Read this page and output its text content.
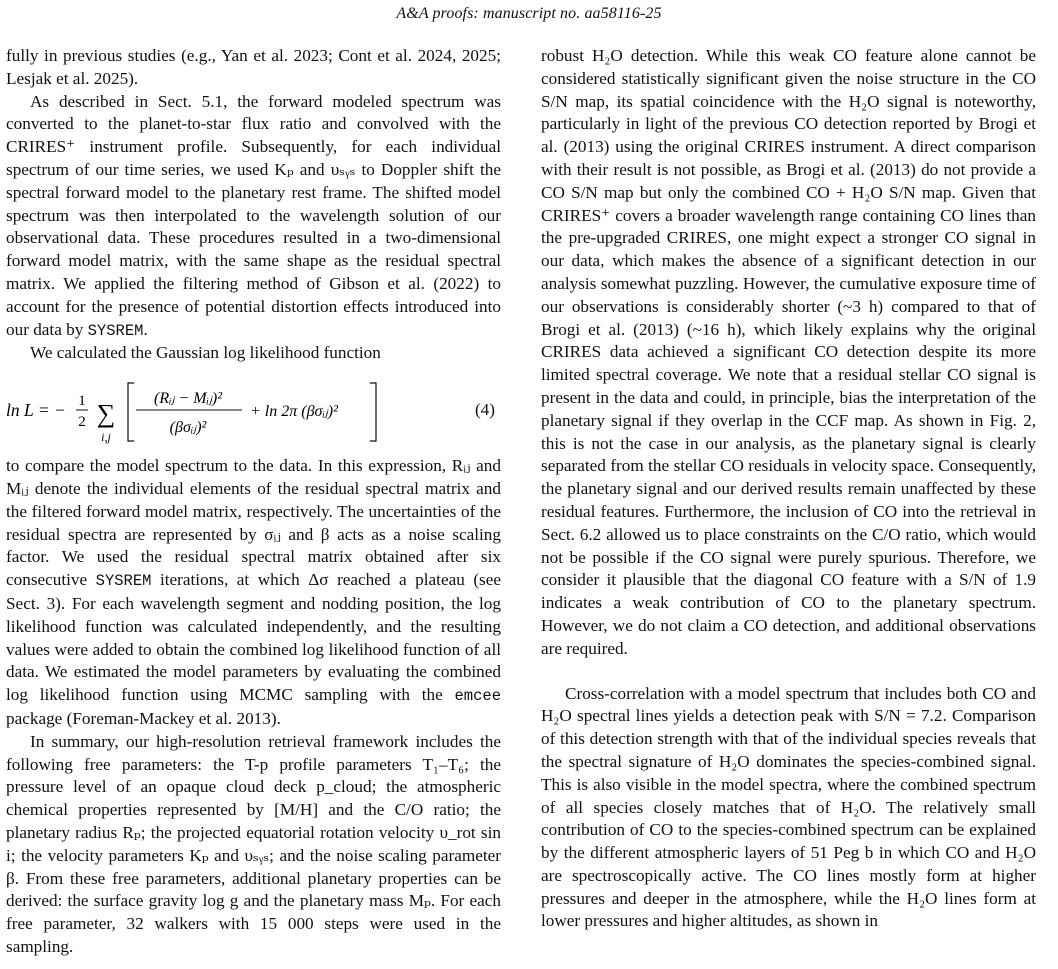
A&A proofs: manuscript no. aa58116-25

fully in previous studies (e.g., Yan et al. 2023; Cont et al. 2024, 2025; Lesjak et al. 2025).

As described in Sect. 5.1, the forward modeled spectrum was converted to the planet-to-star flux ratio and convolved with the CRIRES⁺ instrument profile. Subsequently, for each individual spectrum of our time series, we used Kₚ and υₛᵧₛ to Doppler shift the spectral forward model to the planetary rest frame. The shifted model spectrum was then interpolated to the wavelength solution of our observational data. These procedures resulted in a two-dimensional forward model matrix, with the same shape as the residual spectral matrix. We applied the filtering method of Gibson et al. (2022) to account for the presence of potential distortion effects introduced into our data by SYSREM.

We calculated the Gaussian log likelihood function

ln L = − 1
2 ∑
i,j
(Rᵢⱼ − Mᵢⱼ)²
(βσᵢⱼ)²
+ ln 2π (βσᵢⱼ)²	(4)

to compare the model spectrum to the data. In this expression, Rᵢⱼ and Mᵢⱼ denote the individual elements of the residual spectral matrix and the filtered forward model matrix, respectively. The uncertainties of the residual spectra are represented by σᵢⱼ and β acts as a noise scaling factor. We used the residual spectral matrix obtained after six consecutive SYSREM iterations, at which Δσ reached a plateau (see Sect. 3). For each wavelength segment and nodding position, the log likelihood function was calculated independently, and the resulting values were added to obtain the combined log likelihood function of all data. We estimated the model parameters by evaluating the combined log likelihood function using MCMC sampling with the emcee package (Foreman-Mackey et al. 2013).

In summary, our high-resolution retrieval framework includes the following free parameters: the T-p profile parameters T₁–T₆; the pressure level of an opaque cloud deck p_cloud; the atmospheric chemical properties represented by [M/H] and the C/O ratio; the planetary radius Rₚ; the projected equatorial rotation velocity υ_rot sin i; the velocity parameters Kₚ and υₛᵧₛ; and the noise scaling parameter β. From these free parameters, additional planetary properties can be derived: the surface gravity log g and the planetary mass Mₚ. For each free parameter, 32 walkers with 15 000 steps were used in the sampling.

robust H₂O detection. While this weak CO feature alone cannot be considered statistically significant given the noise structure in the CO S/N map, its spatial coincidence with the H₂O signal is noteworthy, particularly in light of the previous CO detection reported by Brogi et al. (2013) using the original CRIRES instrument. A direct comparison with their result is not possible, as Brogi et al. (2013) do not provide a CO S/N map but only the combined CO + H₂O S/N map. Given that CRIRES⁺ covers a broader wavelength range containing CO lines than the pre-upgraded CRIRES, one might expect a stronger CO signal in our data, which makes the absence of a significant detection in our analysis somewhat puzzling. However, the cumulative exposure time of our observations is considerably shorter (~3 h) compared to that of Brogi et al. (2013) (~16 h), which likely explains why the original CRIRES data achieved a significant CO detection despite its more limited spectral coverage. We note that a residual stellar CO signal is present in the data and could, in principle, bias the interpretation of the planetary signal if they overlap in the CCF map. As shown in Fig. 2, this is not the case in our analysis, as the planetary signal is clearly separated from the stellar CO residuals in velocity space. Consequently, the planetary signal and our derived results remain unaffected by these residual features. Furthermore, the inclusion of CO into the retrieval in Sect. 6.2 allowed us to place constraints on the C/O ratio, which would not be possible if the CO signal were purely spurious. Therefore, we consider it plausible that the diagonal CO feature with a S/N of 1.9 indicates a weak contribution of CO to the planetary spectrum. However, we do not claim a CO detection, and additional observations are required.

Cross-correlation with a model spectrum that includes both CO and H₂O spectral lines yields a detection peak with S/N = 7.2. Comparison of this detection strength with that of the individual species reveals that the spectral signature of H₂O dominates the species-combined signal. This is also visible in the model spectra, where the combined spectrum of all species closely matches that of H₂O. The relatively small contribution of CO to the species-combined spectrum can be explained by the different atmospheric layers of 51 Peg b in which CO and H₂O are spectroscopically active. The CO lines mostly form at higher pressures and deeper in the atmosphere, while the H₂O lines form at lower pressures and higher altitudes, as shown in
